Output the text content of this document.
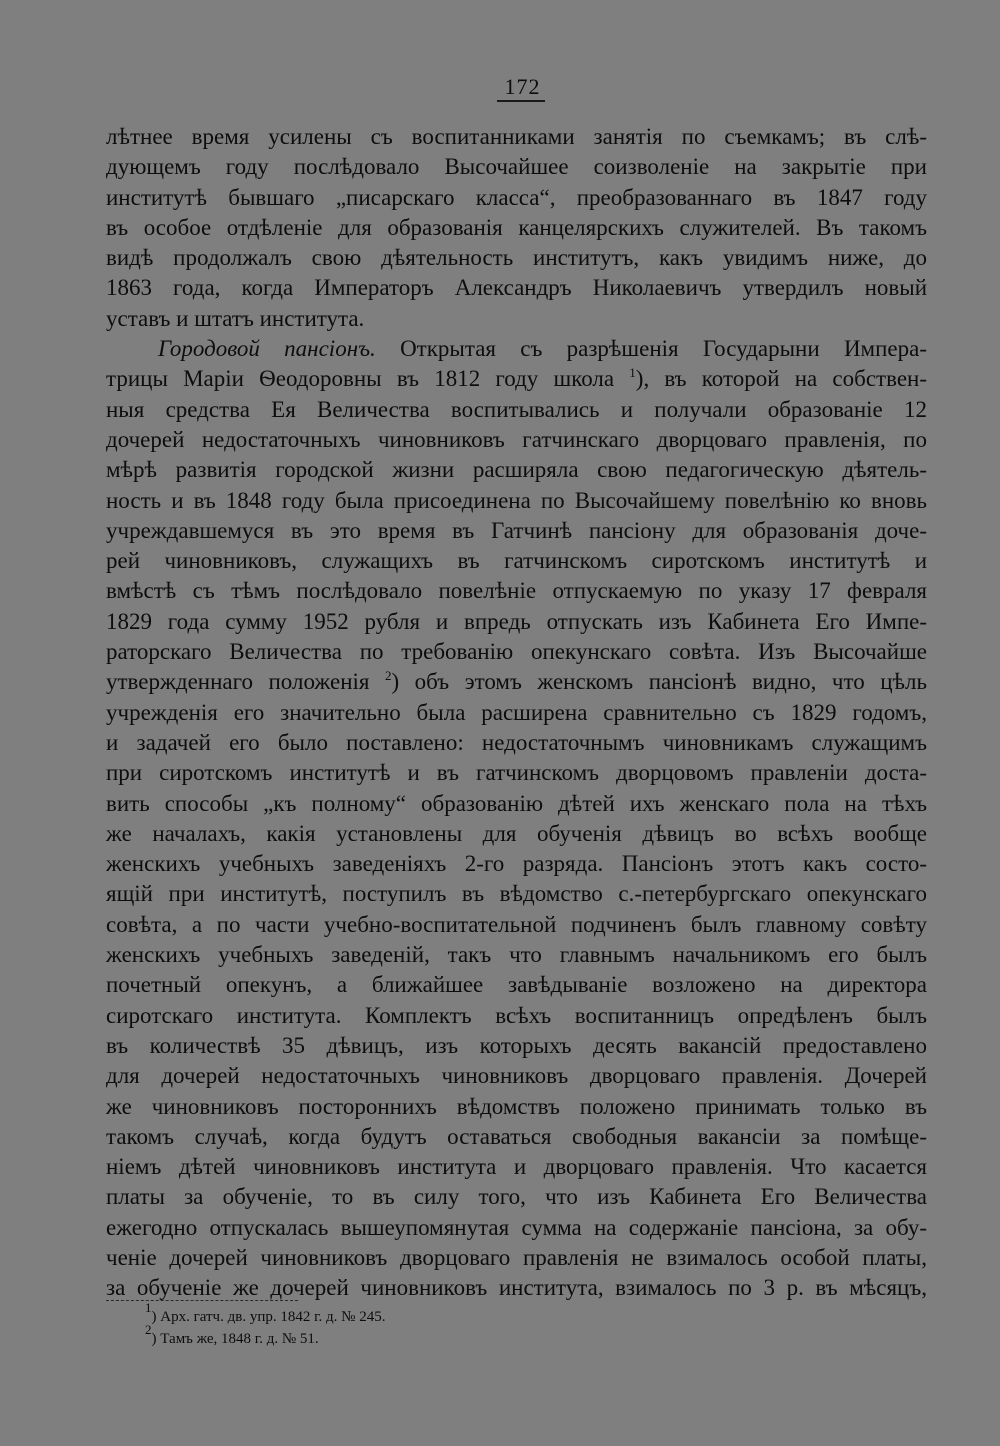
172
лѣтнее время усилены съ воспитанниками занятія по съемкамъ; въ слѣ-
дующемъ году послѣдовало Высочайшее соизволеніе на закрытіе при
институтѣ бывшаго „писарскаго класса“, преобразованнаго въ 1847 году
въ особое отдѣленіе для образованія канцелярскихъ служителей. Въ такомъ
видѣ продолжалъ свою дѣятельность институтъ, какъ увидимъ ниже, до
1863 года, когда Императоръ Александръ Николаевичъ утвердилъ новый
уставъ и штатъ института.
Городовой пансіонъ. Открытая съ разрѣшенія Государыни Импера-
трицы Маріи Ѳеодоровны въ 1812 году школа $^1$), въ которой на собствен-
ныя средства Ея Величества воспитывались и получали образованіе 12
дочерей недостаточныхъ чиновниковъ гатчинскаго дворцоваго правленія, по
мѣрѣ развитія городской жизни расширяла свою педагогическую дѣятель-
ность и въ 1848 году была присоединена по Высочайшему повелѣнію ко вновь
учреждавшемуся въ это время въ Гатчинѣ пансіону для образованія доче-
рей чиновниковъ, служащихъ въ гатчинскомъ сиротскомъ институтѣ и
вмѣстѣ съ тѣмъ послѣдовало повелѣніе отпускаемую по указу 17 февраля
1829 года сумму 1952 рубля и впредь отпускать изъ Кабинета Его Импе-
раторскаго Величества по требованію опекунскаго совѣта. Изъ Высочайше
утвержденнаго положенія $^2$) объ этомъ женскомъ пансіонѣ видно, что цѣль
учрежденія его значительно была расширена сравнительно съ 1829 годомъ,
и задачей его было поставлено: недостаточнымъ чиновникамъ служащимъ
при сиротскомъ институтѣ и въ гатчинскомъ дворцовомъ правленіи доста-
вить способы „къ полному“ образованію дѣтей ихъ женскаго пола на тѣхъ
же началахъ, какія установлены для обученія дѣвицъ во всѣхъ вообще
женскихъ учебныхъ заведеніяхъ 2-го разряда. Пансіонъ этотъ какъ состо-
ящій при институтѣ, поступилъ въ вѣдомство с.-петербургскаго опекунскаго
совѣта, а по части учебно-воспитательной подчиненъ былъ главному совѣту
женскихъ учебныхъ заведеній, такъ что главнымъ начальникомъ его былъ
почетный опекунъ, а ближайшее завѣдываніе возложено на директора
сиротскаго института. Комплектъ всѣхъ воспитанницъ опредѣленъ былъ
въ количествѣ 35 дѣвицъ, изъ которыхъ десять вакансій предоставлено
для дочерей недостаточныхъ чиновниковъ дворцоваго правленія. Дочерей
же чиновниковъ постороннихъ вѣдомствъ положено принимать только въ
такомъ случаѣ, когда будутъ оставаться свободныя вакансіи за помѣще-
ніемъ дѣтей чиновниковъ института и дворцоваго правленія. Что касается
платы за обученіе, то въ силу того, что изъ Кабинета Его Величества
ежегодно отпускалась вышеупомянутая сумма на содержаніе пансіона, за обу-
ченіе дочерей чиновниковъ дворцоваго правленія не взималось особой платы,
за обученіе же дочерей чиновниковъ института, взималось по 3 р. въ мѣсяцъ,
$^1$) Арх. гатч. дв. упр. 1842 г. д. № 245.
$^2$) Тамъ же, 1848 г. д. № 51.
